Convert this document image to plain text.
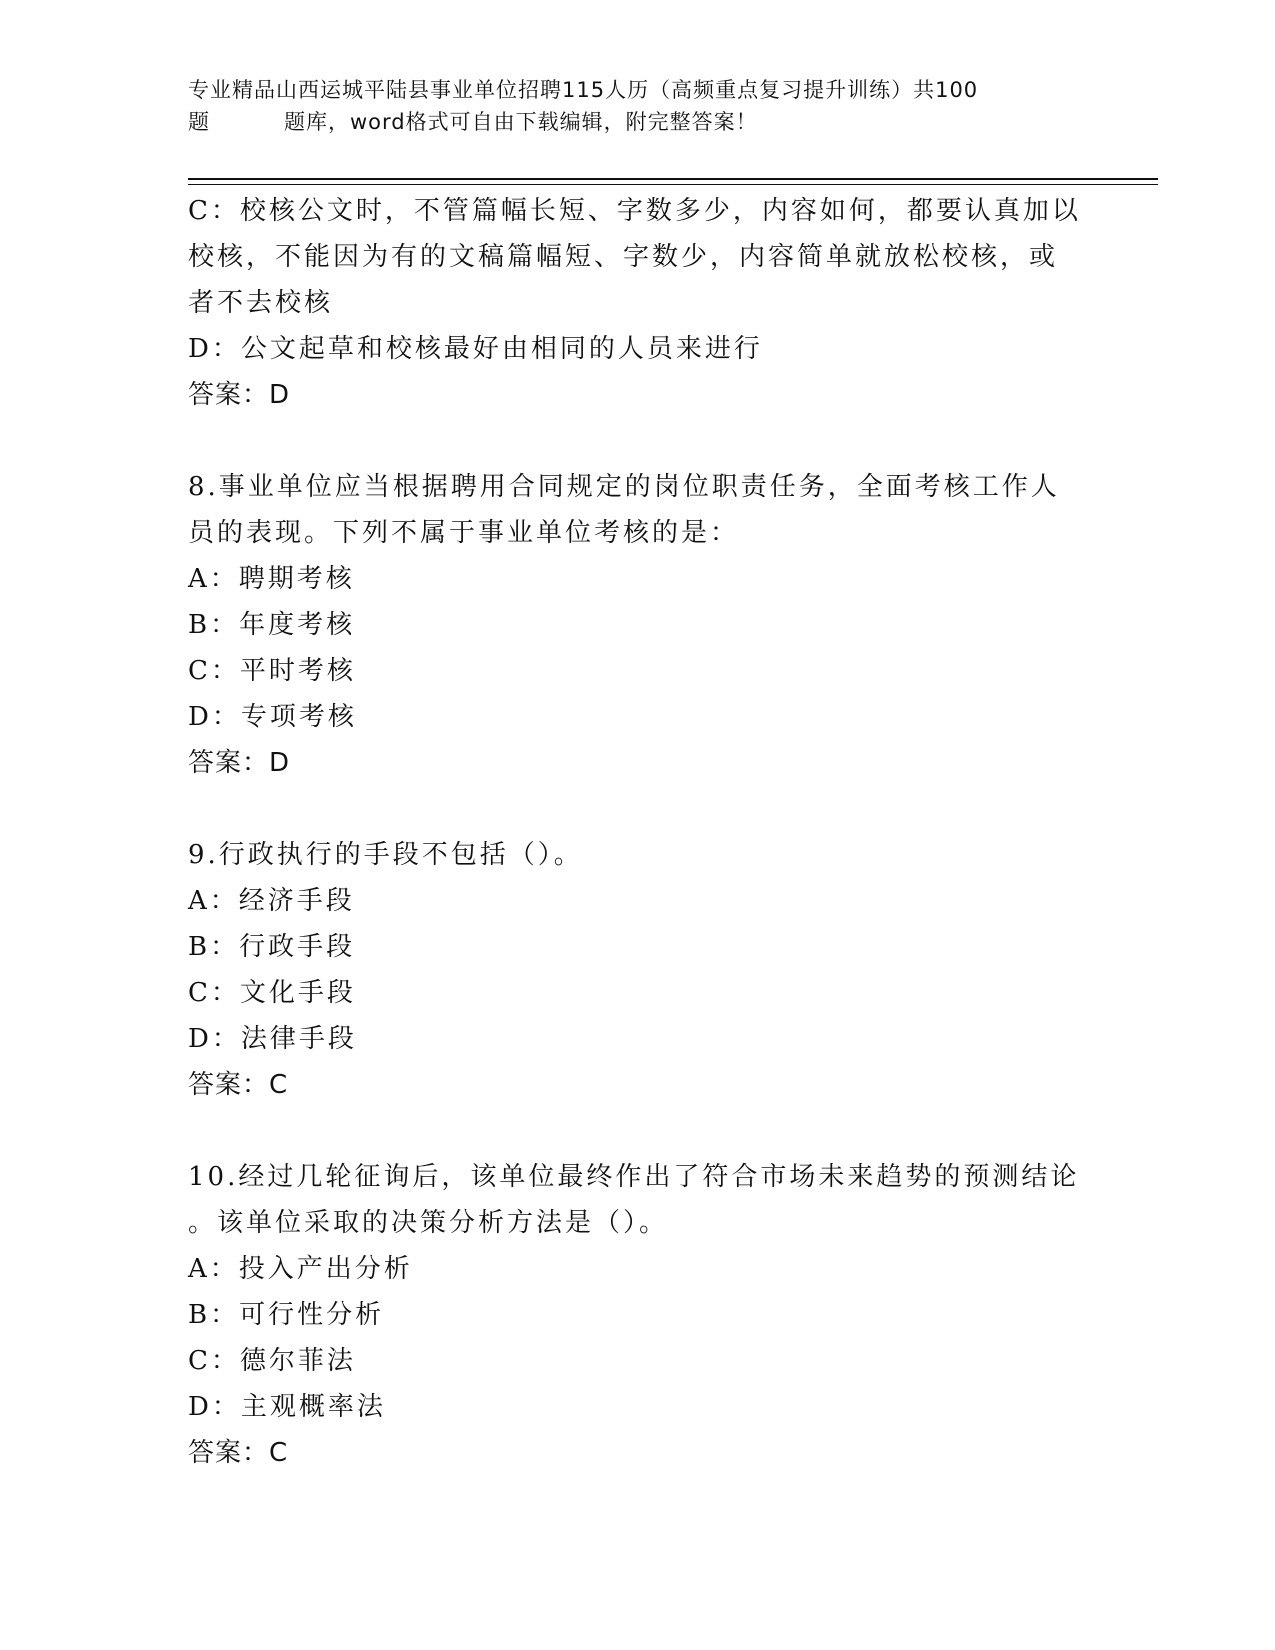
专业精品山西运城平陆县事业单位招聘115人历（高频重点复习提升训练）共100
题	题库，word格式可自由下载编辑，附完整答案！
C：校核公文时，不管篇幅长短、字数多少，内容如何，都要认真加以
校核，不能因为有的文稿篇幅短、字数少，内容简单就放松校核，或
者不去校核
D：公文起草和校核最好由相同的人员来进行
答案：D
8.事业单位应当根据聘用合同规定的岗位职责任务，全面考核工作人
员的表现。下列不属于事业单位考核的是：
A：聘期考核
B：年度考核
C：平时考核
D：专项考核
答案：D
9.行政执行的手段不包括（）。
A：经济手段
B：行政手段
C：文化手段
D：法律手段
答案：C
10.经过几轮征询后，该单位最终作出了符合市场未来趋势的预测结论
。该单位采取的决策分析方法是（）。
A：投入产出分析
B：可行性分析
C：德尔菲法
D：主观概率法
答案：C
